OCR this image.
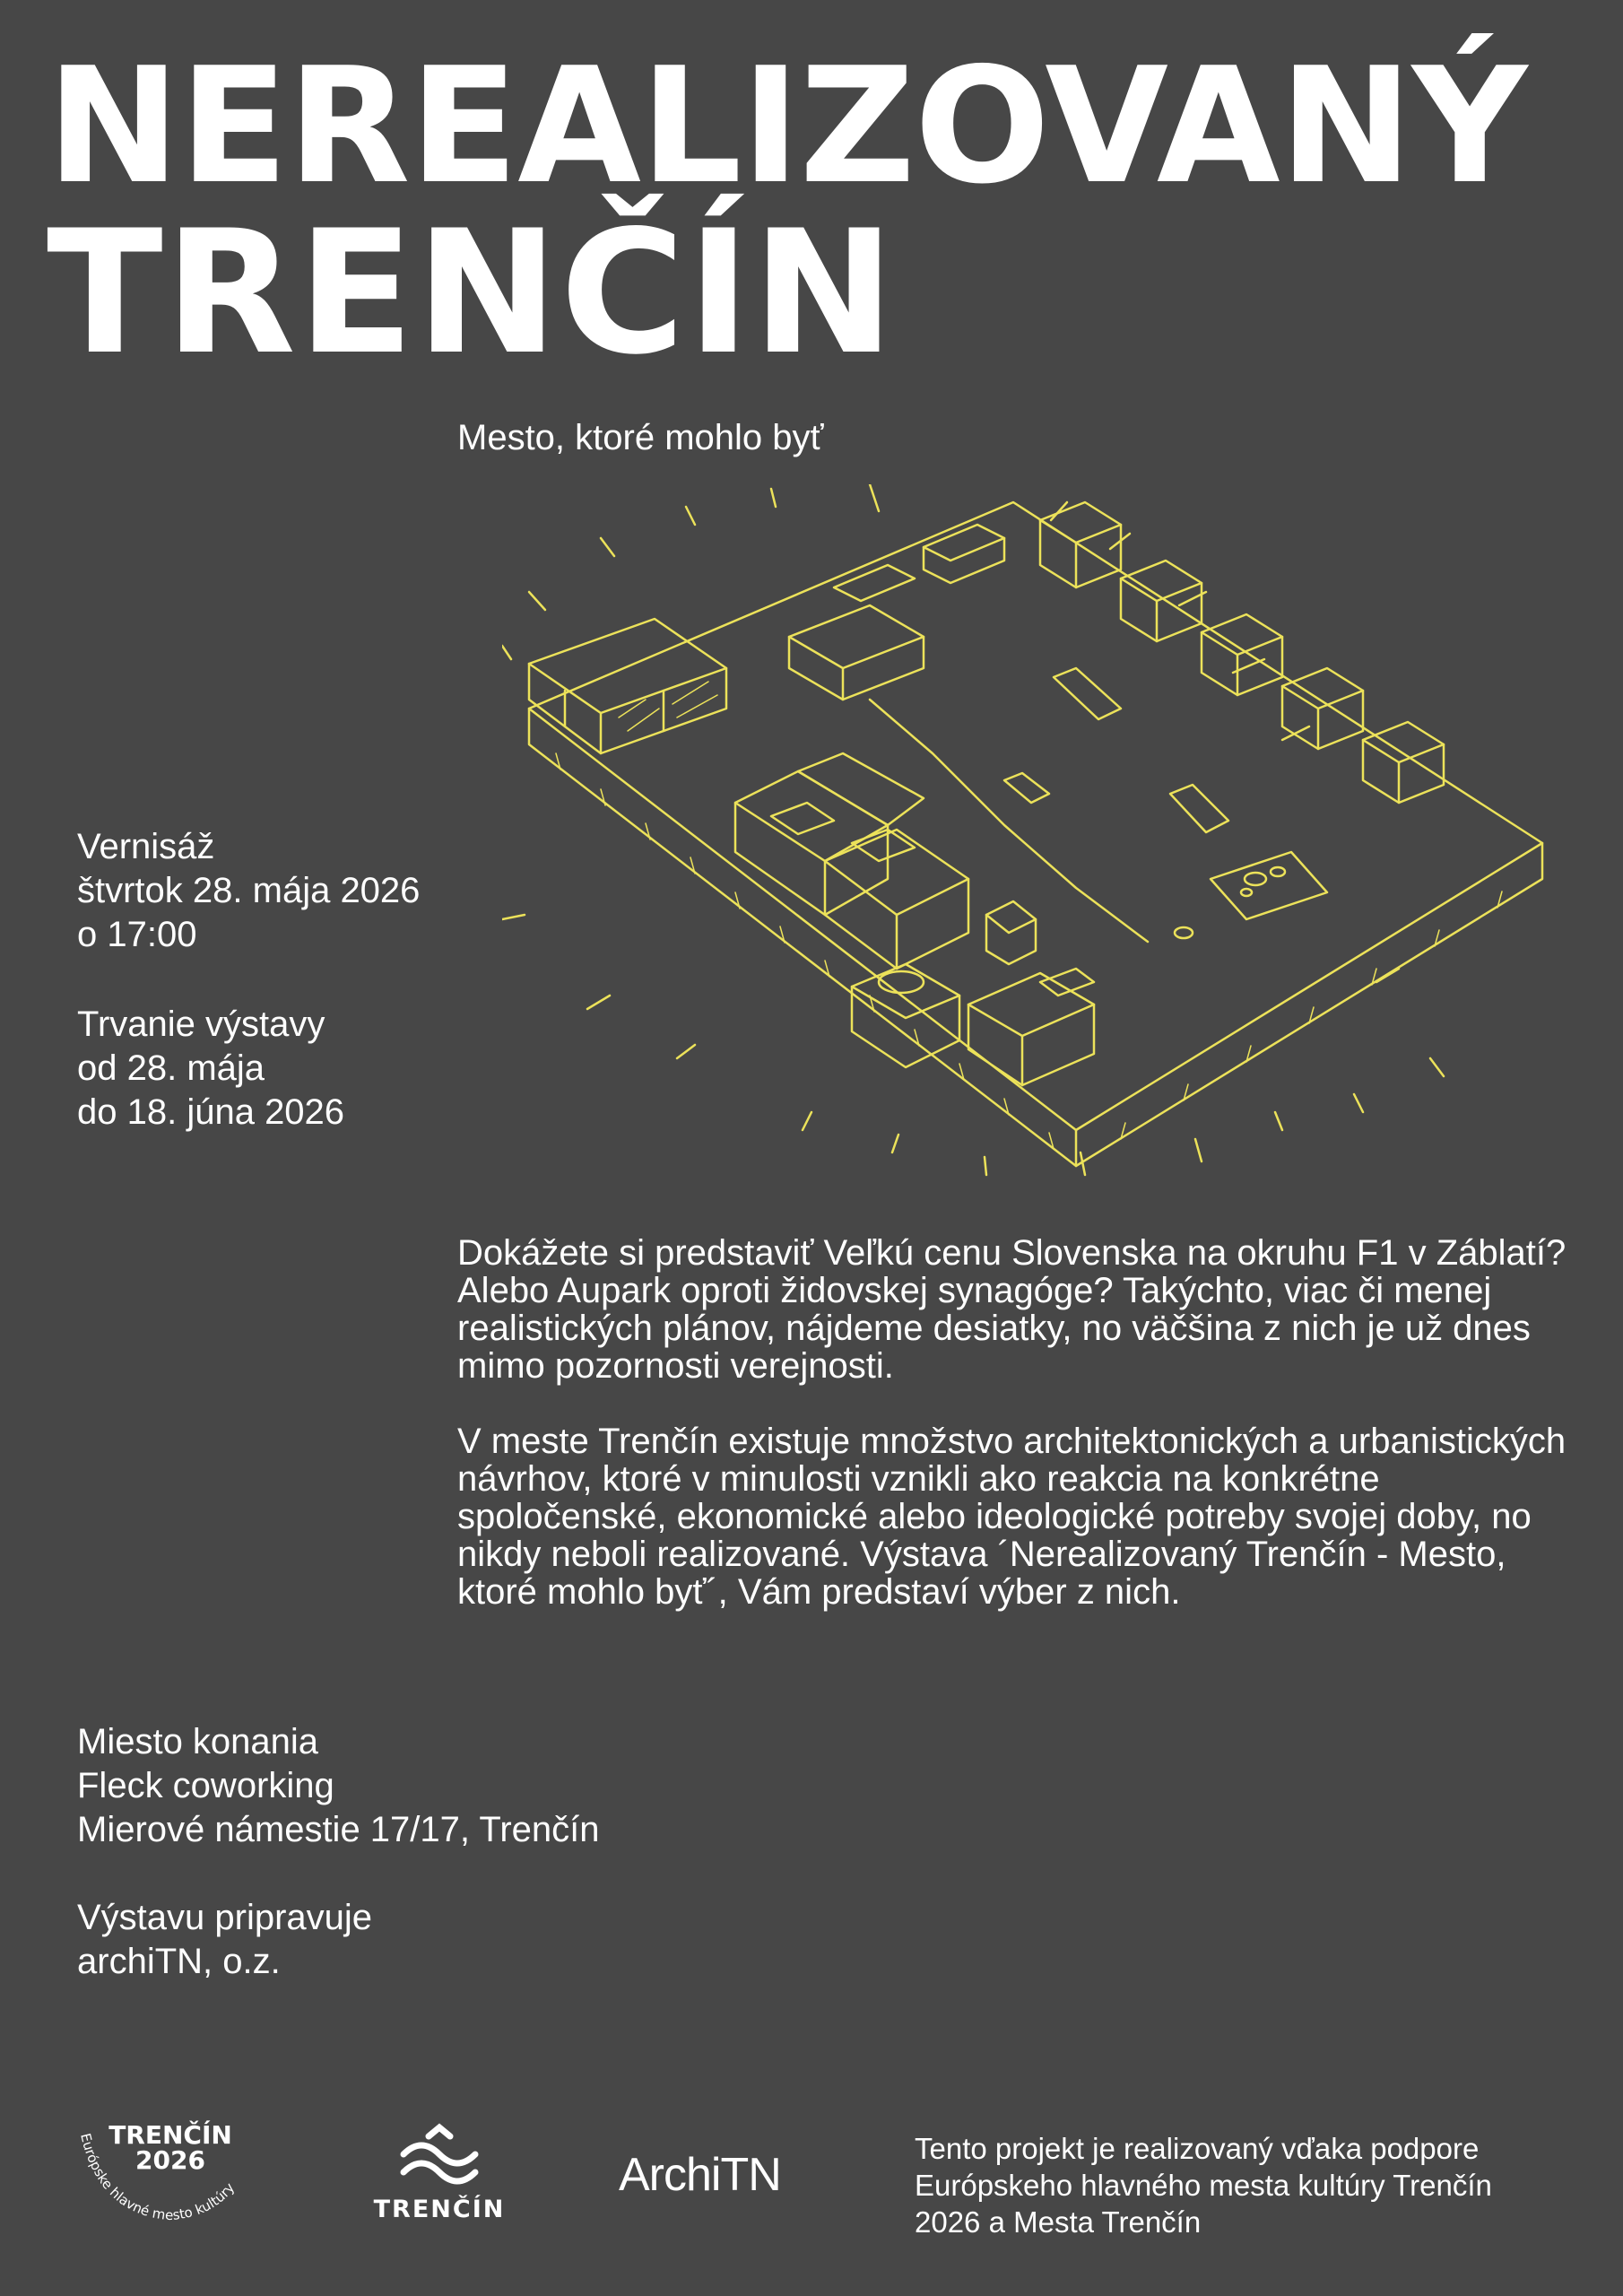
NEREALIZOVANÝ
TRENČÍN

Mesto, ktoré mohlo byť

Vernisáž
štvrtok 28. mája 2026
o 17:00

Trvanie výstavy
od 28. mája
do 18. júna 2026

Dokážete si predstaviť Veľkú cenu Slovenska na okruhu F1 v Záblatí? Alebo Aupark oproti židovskej synagóge? Takýchto, viac či menej realistických plánov, nájdeme desiatky, no väčšina z nich je už dnes mimo pozornosti verejnosti.

V meste Trenčín existuje množstvo architektonických a urbanistických návrhov, ktoré v minulosti vznikli ako reakcia na konkrétne spoločenské, ekonomické alebo ideologické potreby svojej doby, no nikdy neboli realizované. Výstava ´Nerealizovaný Trenčín - Mesto, ktoré mohlo byť´, Vám predstaví výber z nich.

Miesto konania
Fleck coworking
Mierové námestie 17/17, Trenčín

Výstavu pripravuje
archiTN, o.z.

TRENČÍN
2026
Európske hlavné mesto kultúry
TRENČÍN
ArchiTN

Tento projekt je realizovaný vďaka podpore
Európskeho hlavného mesta kultúry Trenčín
2026 a Mesta Trenčín
